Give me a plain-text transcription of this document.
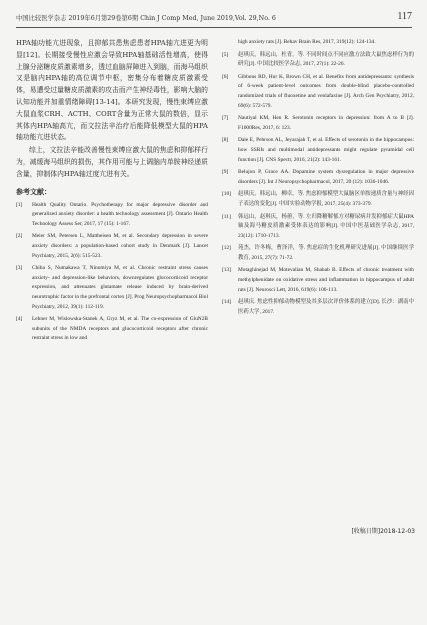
中国比较医学杂志 2019年6月第29卷第6期 Chin J Comp Med, June 2019,Vol. 29,No. 6	117

HPA轴功能亢进现象，且抑郁共患焦虑患者HPA轴亢进更为明显[12]。长期接受慢性应激会导致HPA轴基础活性增高，使得上腺分泌糖皮质激素增多，透过血脑屏障进入到脑，而海马组织又是脑内HPA轴的高位调节中枢，密集分布着糖皮质激素受体，易遭受过量糖皮质激素的攻击而产生神经毒性，影响大脑的认知功能并加重情绪障碍[13-14]。本研究发现，慢性束缚应激大鼠血浆CRH、ACTH、CORT含量为正常大鼠的数倍，显示其体内HPA轴高亢，而文拉法辛治疗后能降低模型大鼠的HPA轴功能亢进状态。

综上，文拉法辛能改善慢性束缚应激大鼠的焦虑和抑郁样行为，减缓海马组织的损伤，其作用可能与上调脑内单胺神经递质含量，抑制体内HPA轴过度亢进有关。

参考文献：
[1]	Health Quality Ontario. Psychotherapy for major depressive disorder and generalized anxiety disorder: a health technology assessment [J]. Ontario Health Technology Assess Ser, 2017, 17 (15): 1-167.
[2]	Meier SM, Petersen L, Mattheisen M, et al. Secondary depression in severe anxiety disorders: a population-based cohort study in Denmark [J]. Lancet Psychiatry, 2015, 2(6): 515-523.
[3]	Chiba S, Numakawa T, Ninomiya M, et al. Chronic restraint stress causes anxiety- and depression-like behaviors, downregulates glucocorticoid receptor expression, and attenuates glutamate release induced by brain-derived neurotrophic factor in the prefrontal cortex [J]. Prog Neuropsychopharmacol Biol Psychiatry, 2012, 39(1): 112-119.
[4]	Lehner M, Wislowska-Stanek A, Gryz M, et al. The co-expression of GluN2B subunits of the NMDA receptors and glucocorticoid receptors after chronic restraint stress in low and
high anxiety rats [J]. Behav Brain Res, 2017, 319(12): 124-134.
[5]	赵琪庆，韩远山，杜青，等. 不同时间点不同应激方法致大鼠焦虑样行为的研究[J]. 中国比较医学杂志, 2017, 27(1): 22-26.
[6]	Gibbons RD, Hur K, Brown CH, et al. Benefits from antidepressants: synthesis of 6-week patient-level outcomes from double-blind placebo-controlled randomized trials of fluoxetine and venlafaxine [J]. Arch Gen Psychiatry, 2012, 69(6): 572-579.
[7]	Nautiyal KM, Hen R. Serotonin receptors in depression: from A to B [J]. F1000Res, 2017, 6: 123.
[8]	Dale E, Pehrson AL, Jeyarajah T, et al. Effects of serotonin in the hippocampus: how SSRIs and multimodal antidepressants might regulate pyramidal cell function [J]. CNS Spectr, 2016, 21(2): 143-161.
[9]	Belujon P, Grace AA. Dopamine system dysregulation in major depressive disorders [J]. Int J Neuropsychopharmacol, 2017, 20 (12): 1036-1046.
[10]	赵琪庆，韩远山，柳卓，等. 焦虑抑郁模型大鼠脑区单胺递质含量与神经因子表达的变化[J]. 中国实验动物学报, 2017, 25(4): 373-379.
[11]	韩远山，赵琪庆，杨蕙，等. 左归降糖解郁方对糖尿病并发抑郁症大鼠HPA轴及海马糖皮质激素受体表达的影响[J]. 中国中医基础医学杂志, 2017, 23(12): 1710-1713.
[12]	苑杰，许冬梅，曹泽洋，等. 焦虑症的生化机理研究进展[J]. 中国继续医学教育, 2015, 27(7): 71-72.
[13]	Motaghinejad M, Motevalian M, Shabab B. Effects of chronic treatment with methylphenidate on oxidative stress and inflammation in hippocampus of adult rats [J]. Neurosci Lett, 2016, 619(6): 106-113.
[14]	赵琪庆. 焦虑性抑郁动物模型及其多层次评价体系的建立[D]. 长沙：湖南中医药大学, 2017.
[收稿日期]2018-12-03
